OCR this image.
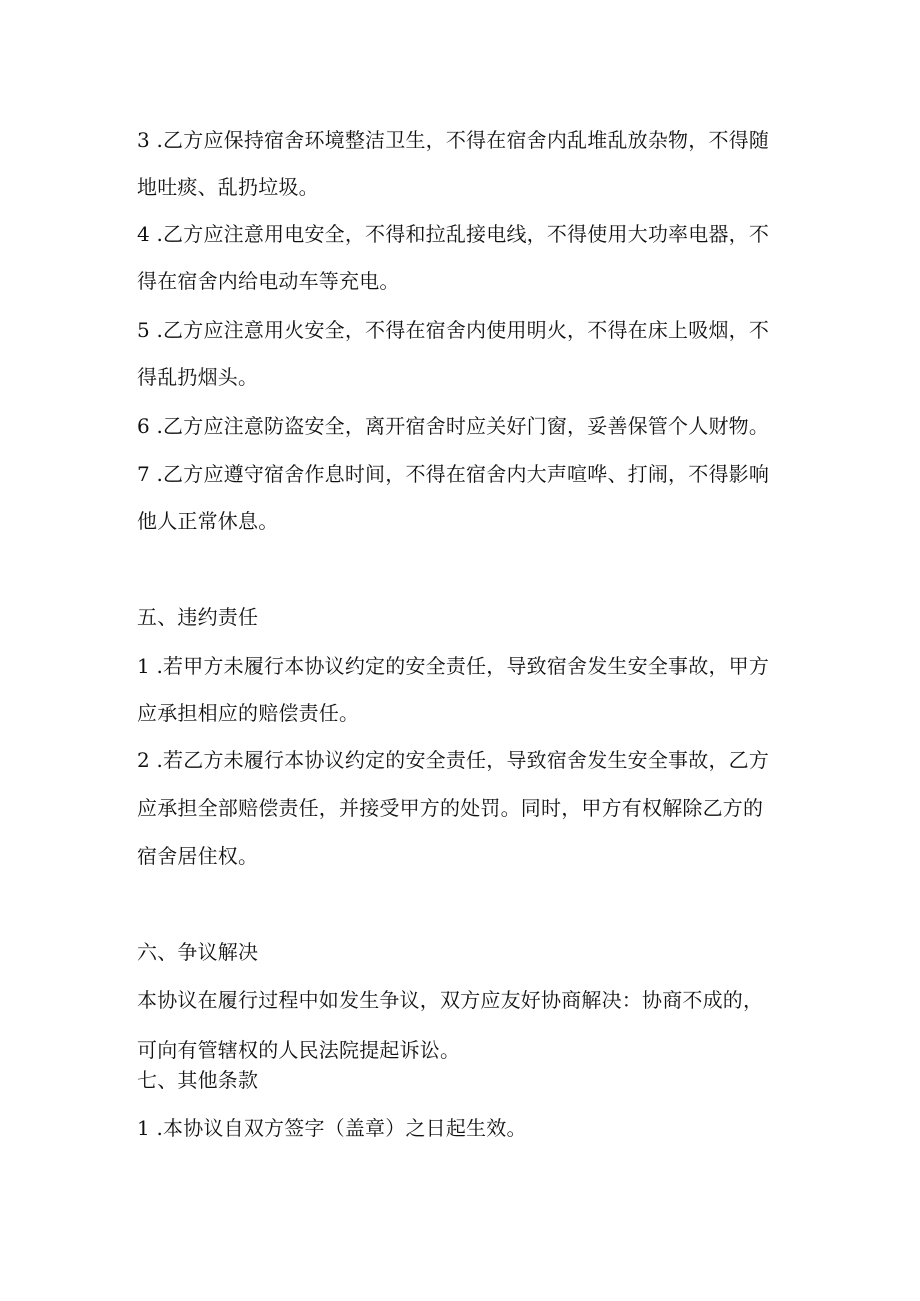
3 .乙方应保持宿舍环境整洁卫生，不得在宿舍内乱堆乱放杂物，不得随
地吐痰、乱扔垃圾。
4 .乙方应注意用电安全，不得和拉乱接电线，不得使用大功率电器，不
得在宿舍内给电动车等充电。
5 .乙方应注意用火安全，不得在宿舍内使用明火，不得在床上吸烟，不
得乱扔烟头。
6 .乙方应注意防盗安全，离开宿舍时应关好门窗，妥善保管个人财物。
7 .乙方应遵守宿舍作息时间，不得在宿舍内大声喧哗、打闹，不得影响
他人正常休息。
五、违约责任
1 .若甲方未履行本协议约定的安全责任，导致宿舍发生安全事故，甲方
应承担相应的赔偿责任。
2 .若乙方未履行本协议约定的安全责任，导致宿舍发生安全事故，乙方
应承担全部赔偿责任，并接受甲方的处罚。同时，甲方有权解除乙方的
宿舍居住权。
六、争议解决
本协议在履行过程中如发生争议，双方应友好协商解决：协商不成的，
可向有管辖权的人民法院提起诉讼。
七、其他条款
1 .本协议自双方签字（盖章）之日起生效。
